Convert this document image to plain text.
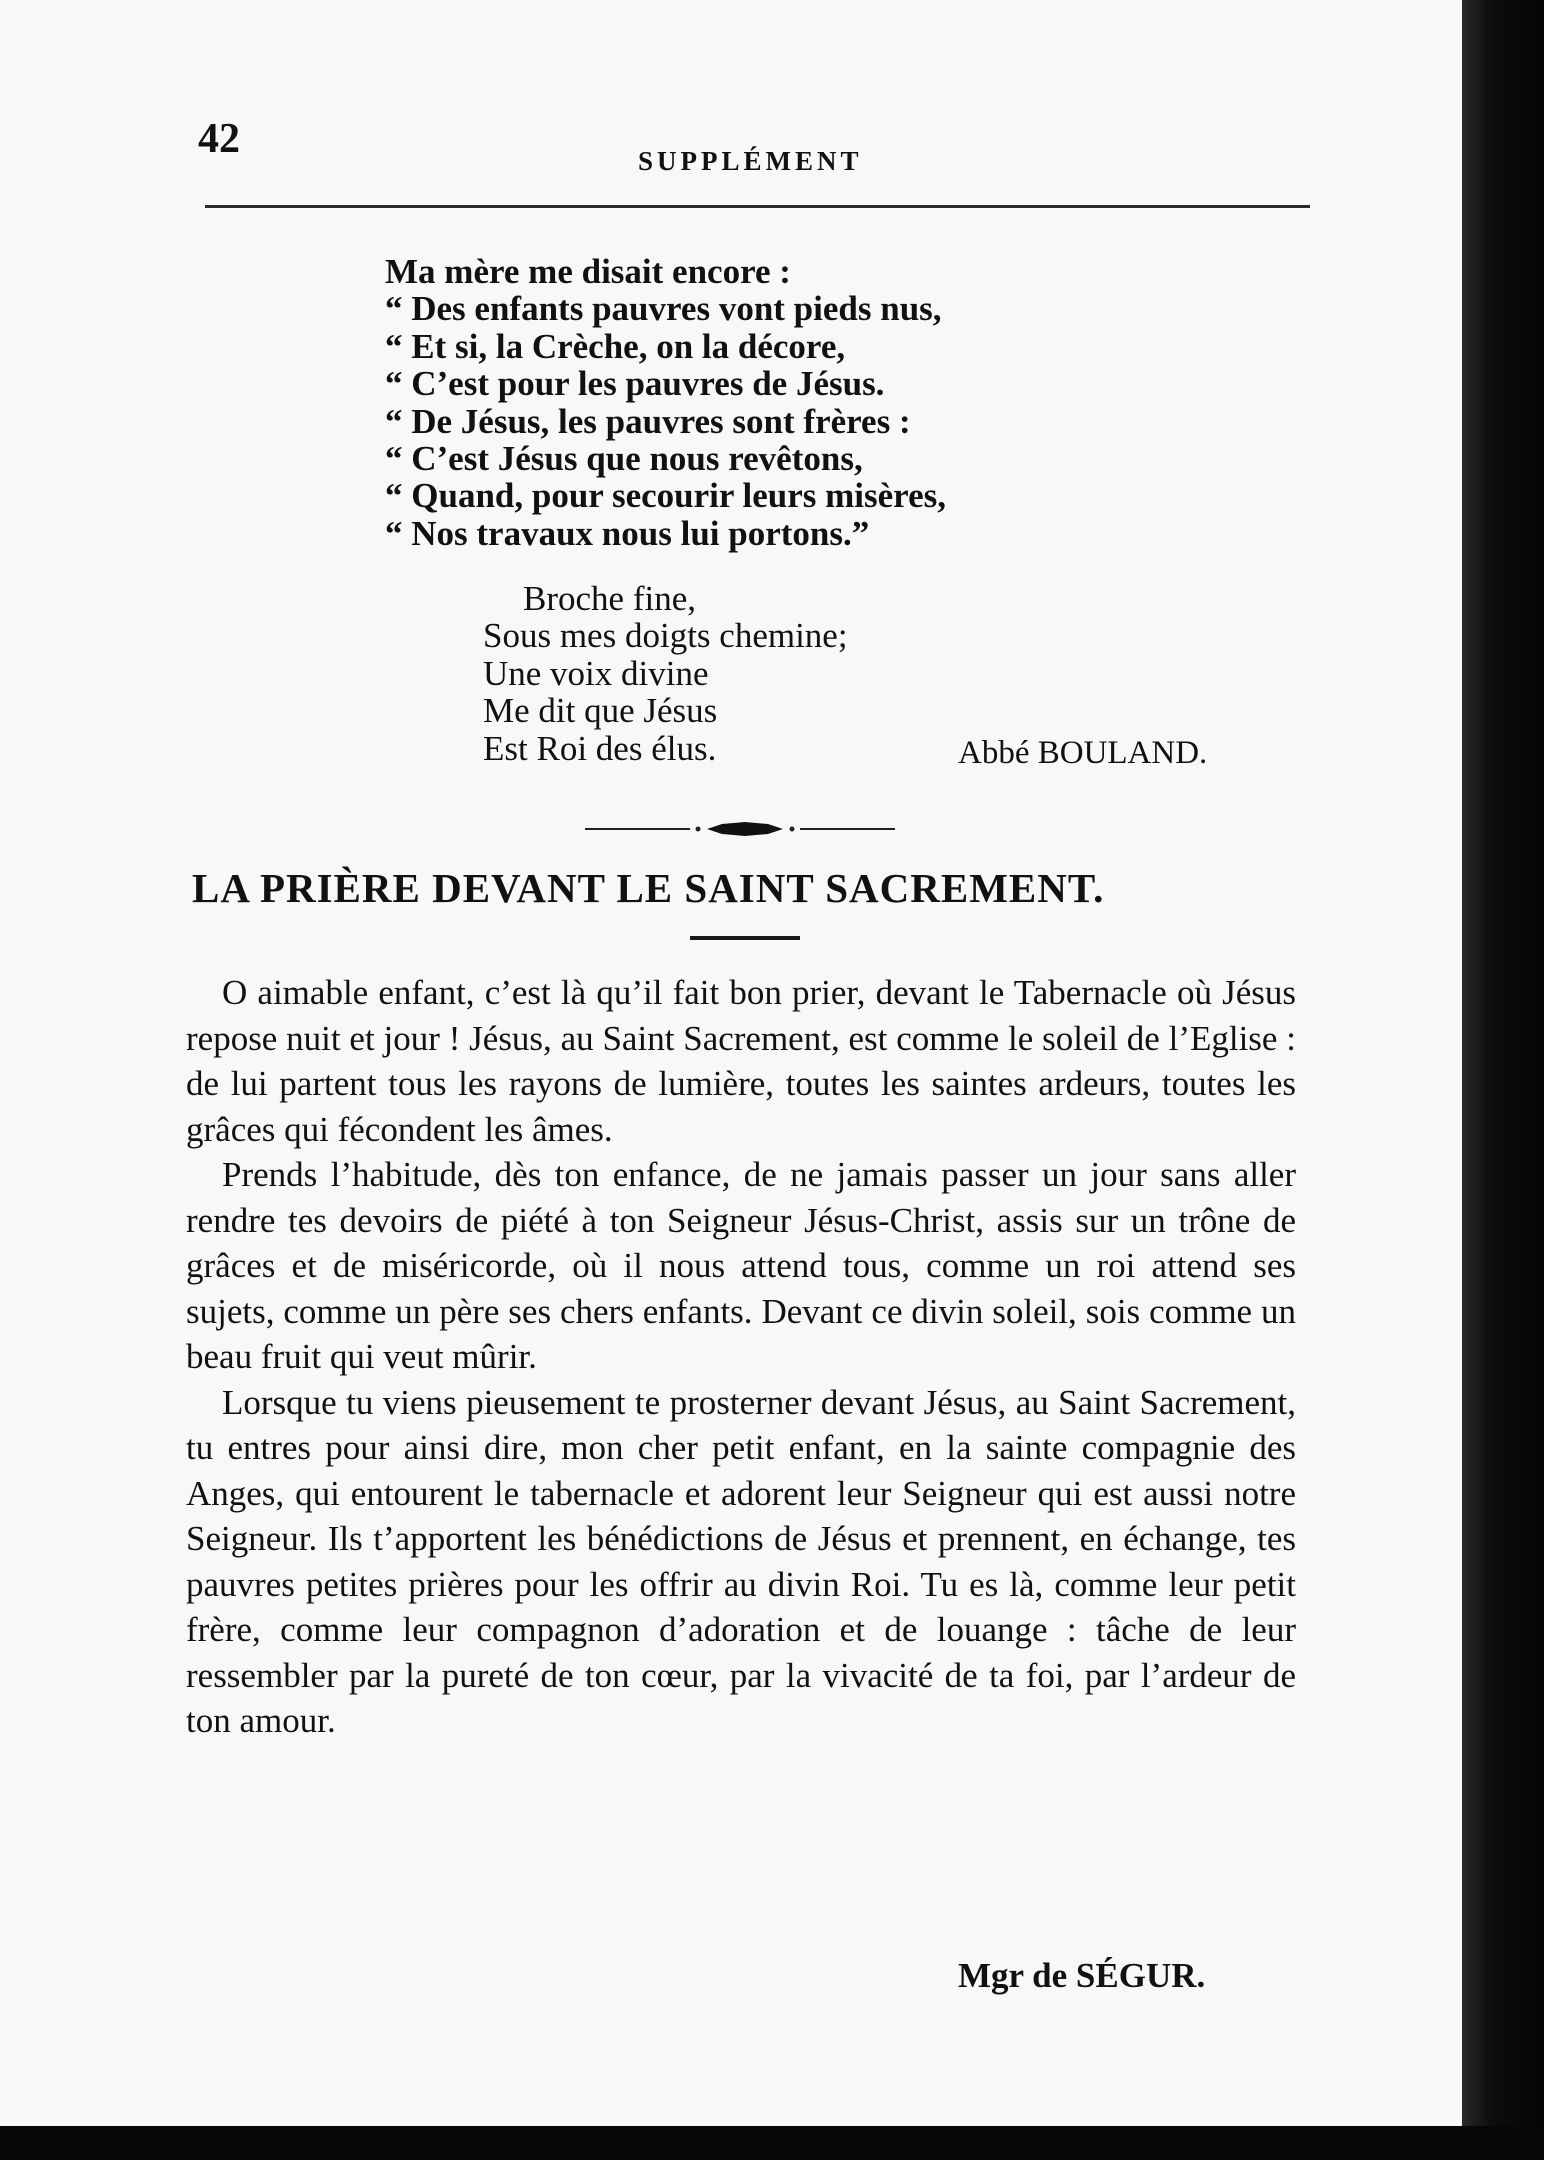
42	SUPPLÉMENT
Ma mère me disait encore :
“ Des enfants pauvres vont pieds nus,
“ Et si, la Crèche, on la décore,
“ C’est pour les pauvres de Jésus.
“ De Jésus, les pauvres sont frères :
“ C’est Jésus que nous revêtons,
“ Quand, pour secourir leurs misères,
“ Nos travaux nous lui portons.”
Broche fine,
Sous mes doigts chemine;
Une voix divine
Me dit que Jésus
Est Roi des élus.	Abbé BOULAND.
LA PRIÈRE DEVANT LE SAINT SACREMENT.

O aimable enfant, c’est là qu’il fait bon prier, devant le Tabernacle où Jésus repose nuit et jour ! Jésus, au Saint Sacrement, est comme le soleil de l’Eglise : de lui partent tous les rayons de lumière, toutes les saintes ardeurs, toutes les grâces qui fécondent les âmes.

Prends l’habitude, dès ton enfance, de ne jamais passer un jour sans aller rendre tes devoirs de piété à ton Seigneur Jésus-Christ, assis sur un trône de grâces et de miséricorde, où il nous attend tous, comme un roi attend ses sujets, comme un père ses chers enfants. Devant ce divin soleil, sois comme un beau fruit qui veut mûrir.

Lorsque tu viens pieusement te prosterner devant Jésus, au Saint Sacrement, tu entres pour ainsi dire, mon cher petit enfant, en la sainte compagnie des Anges, qui entourent le tabernacle et adorent leur Seigneur qui est aussi notre Seigneur. Ils t’apportent les bénédictions de Jésus et prennent, en échange, tes pauvres petites prières pour les offrir au divin Roi. Tu es là, comme leur petit frère, comme leur compagnon d’adoration et de louange : tâche de leur ressembler par la pureté de ton cœur, par la vivacité de ta foi, par l’ardeur de ton amour.

Mgr de SÉGUR.
